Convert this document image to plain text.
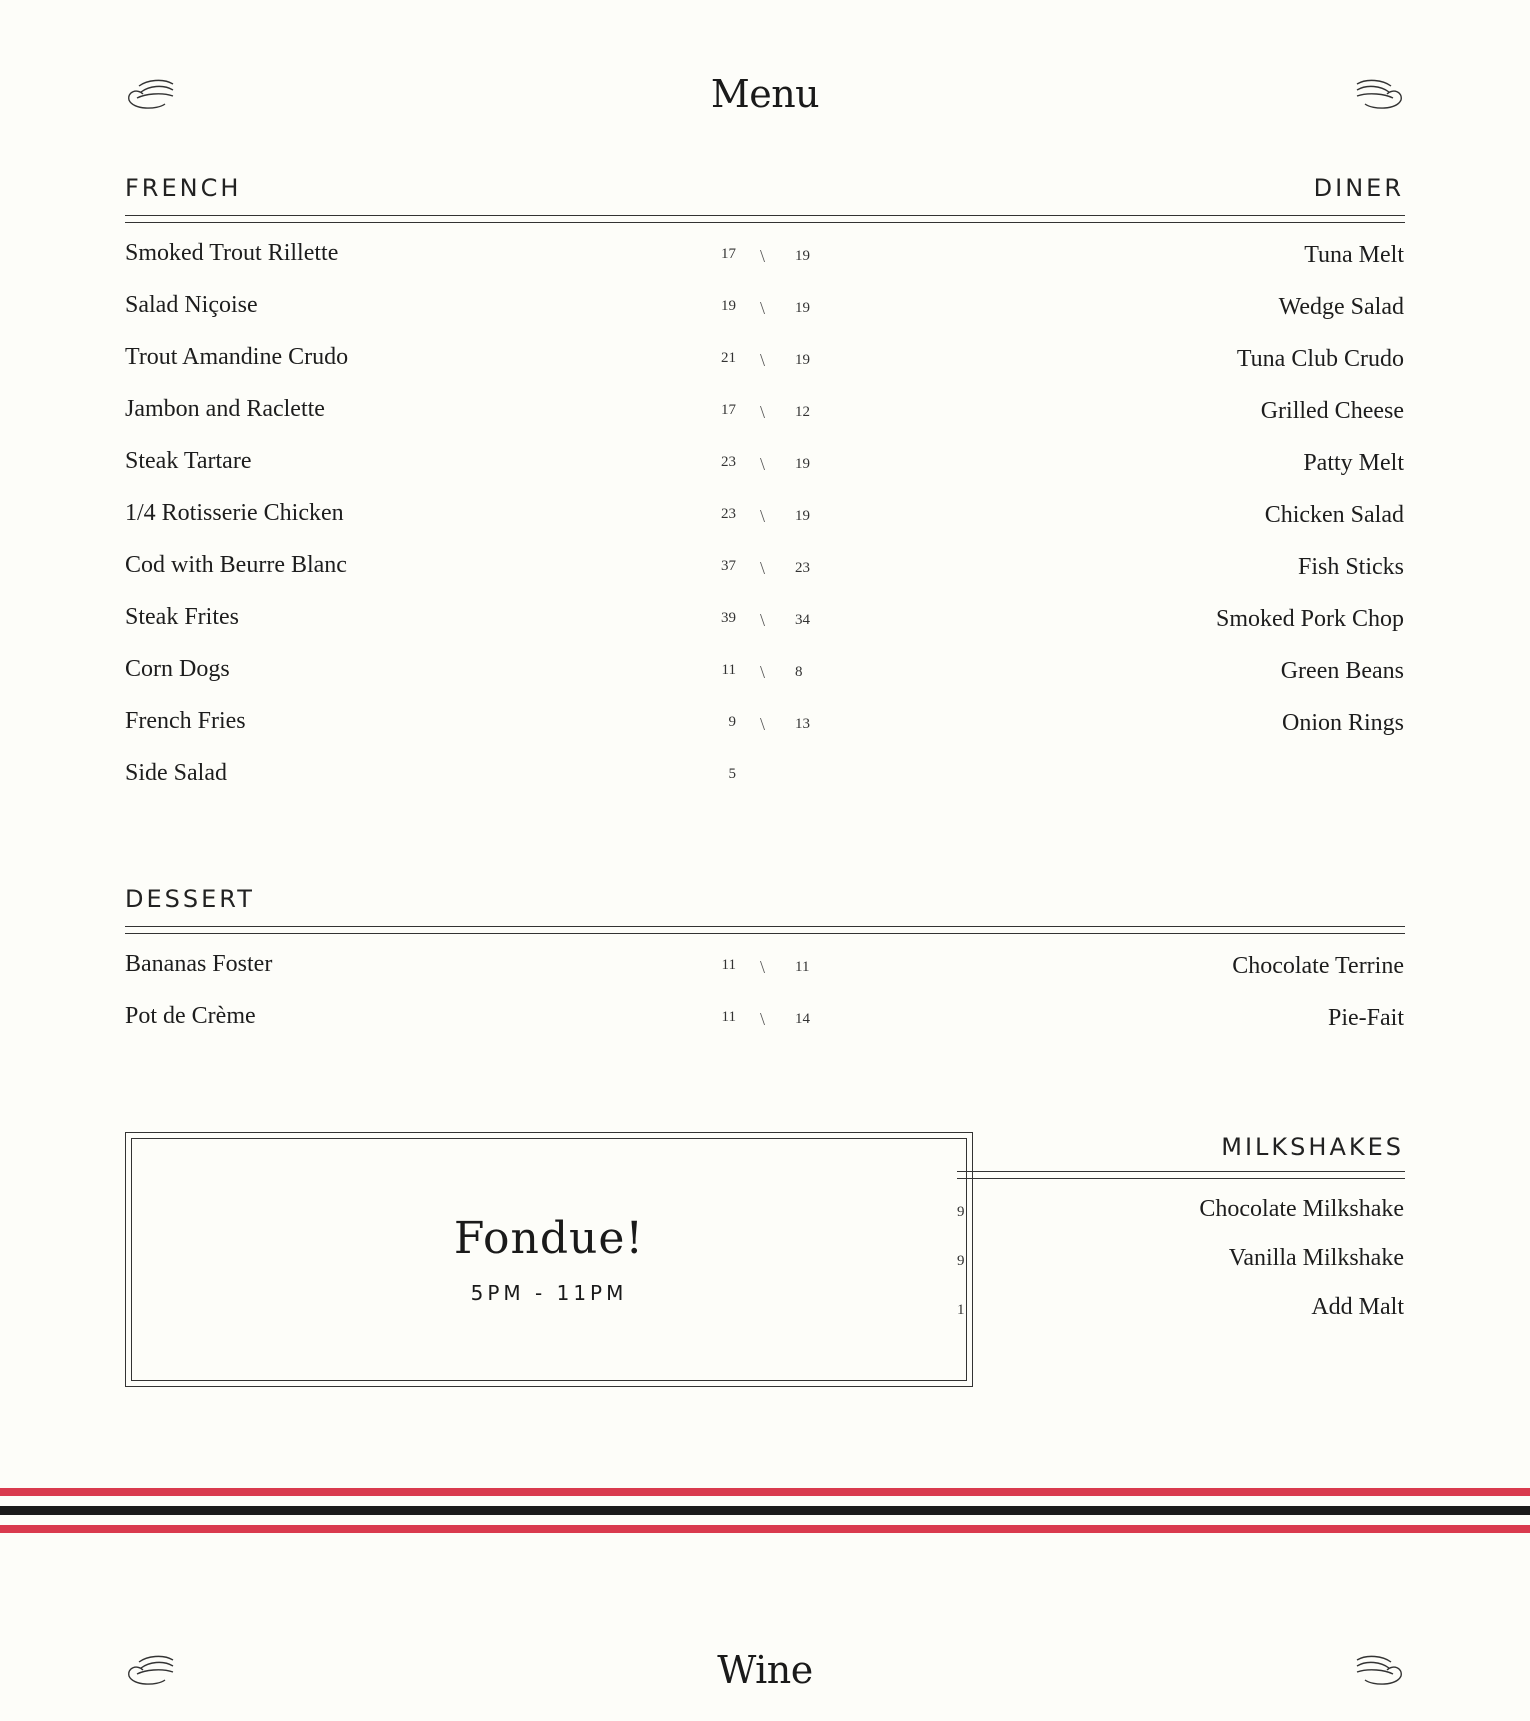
Menu
FRENCH	DINER
Smoked Trout Rillette	17 \ 19	Tuna Melt
Salad Niçoise	19 \ 19	Wedge Salad
Trout Amandine Crudo	21 \ 19	Tuna Club Crudo
Jambon and Raclette	17 \ 12	Grilled Cheese
Steak Tartare	23 \ 19	Patty Melt
1/4 Rotisserie Chicken	23 \ 19	Chicken Salad
Cod with Beurre Blanc	37 \ 23	Fish Sticks
Steak Frites	39 \ 34	Smoked Pork Chop
Corn Dogs	11 \ 8	Green Beans
French Fries	9 \ 13	Onion Rings
Side Salad	5
DESSERT
Bananas Foster	11 \ 11	Chocolate Terrine
Pot de Crème	11 \ 14	Pie-Fait
Fondue!
5PM - 11PM
MILKSHAKES
9	Chocolate Milkshake
9	Vanilla Milkshake
1	Add Malt
Wine
